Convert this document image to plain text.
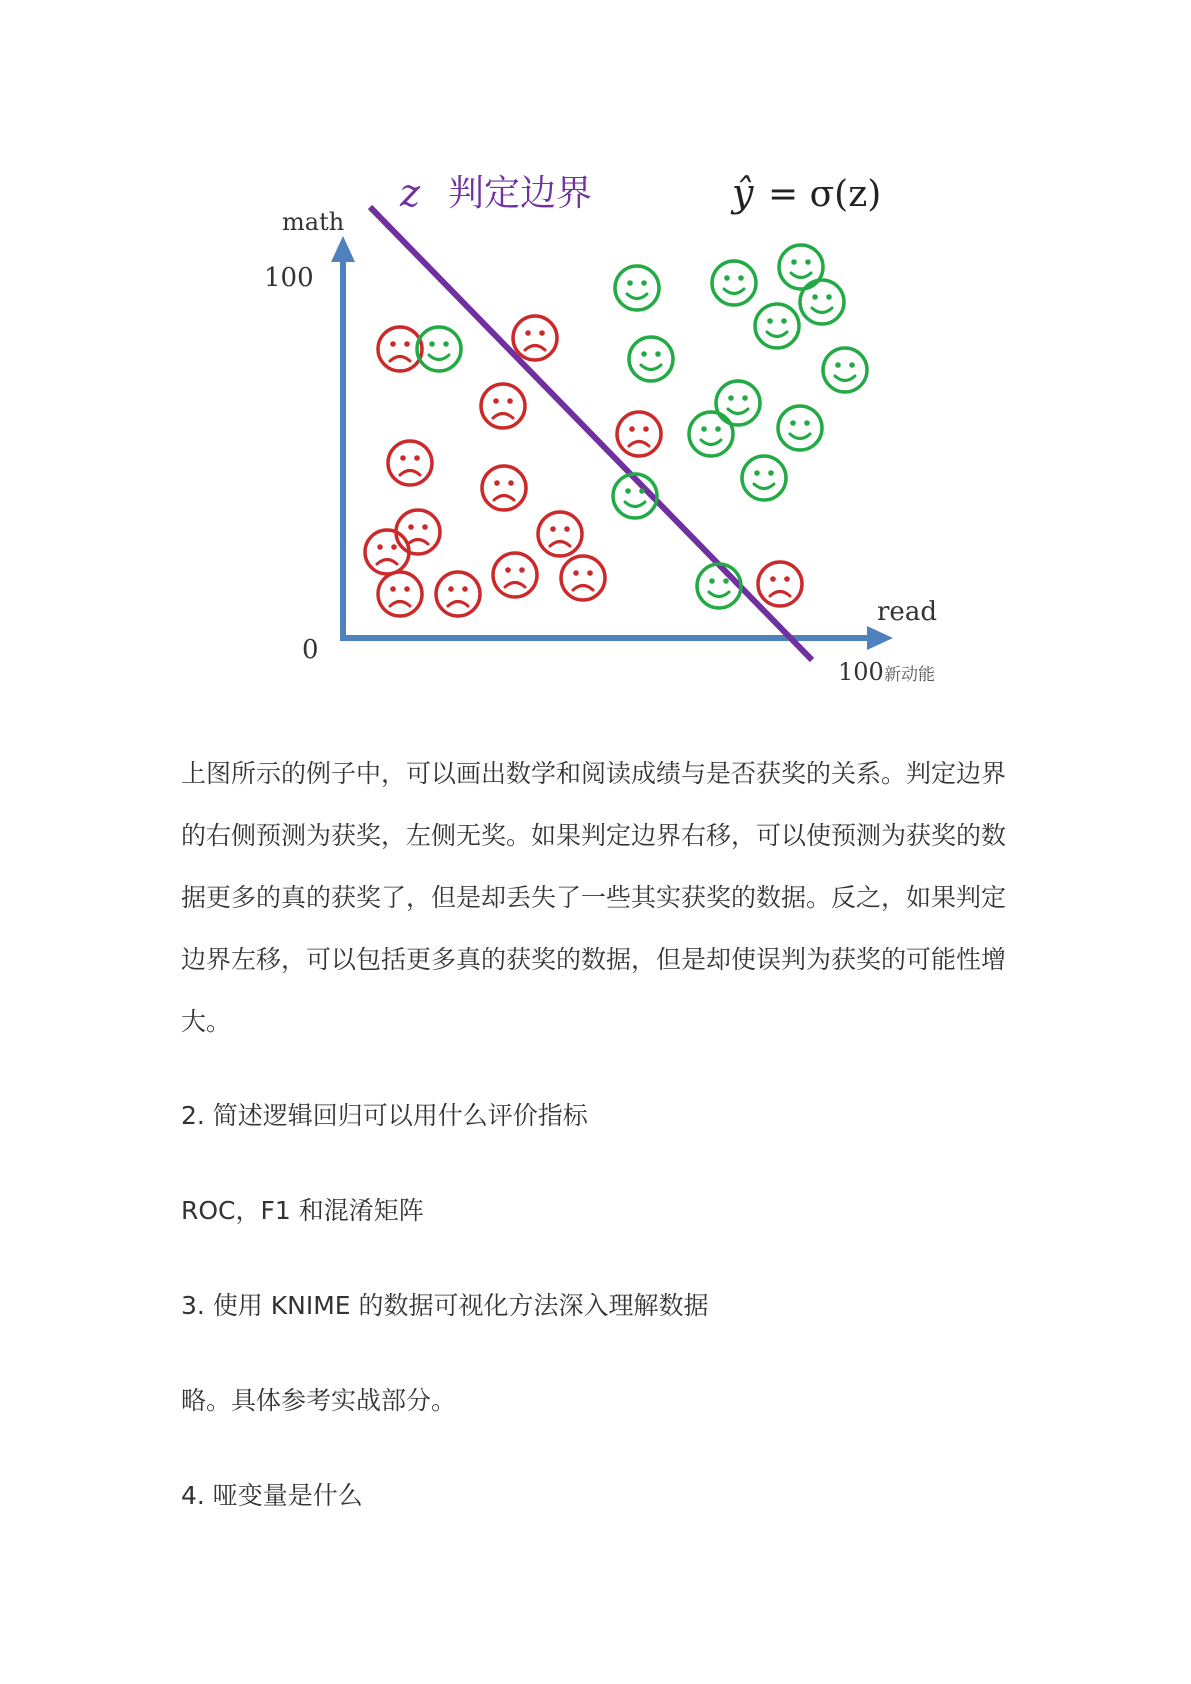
math
100
0
read
100 新动能
z 判定边界	ŷ = σ(z)

上图所示的例子中，可以画出数学和阅读成绩与是否获奖的关系。判定边界的右侧预测为获奖，左侧无奖。如果判定边界右移，可以使预测为获奖的数据更多的真的获奖了，但是却丢失了一些其实获奖的数据。反之，如果判定边界左移，可以包括更多真的获奖的数据，但是却使误判为获奖的可能性增大。

2. 简述逻辑回归可以用什么评价指标
ROC，F1 和混淆矩阵
3. 使用 KNIME 的数据可视化方法深入理解数据
略。具体参考实战部分。
4. 哑变量是什么
